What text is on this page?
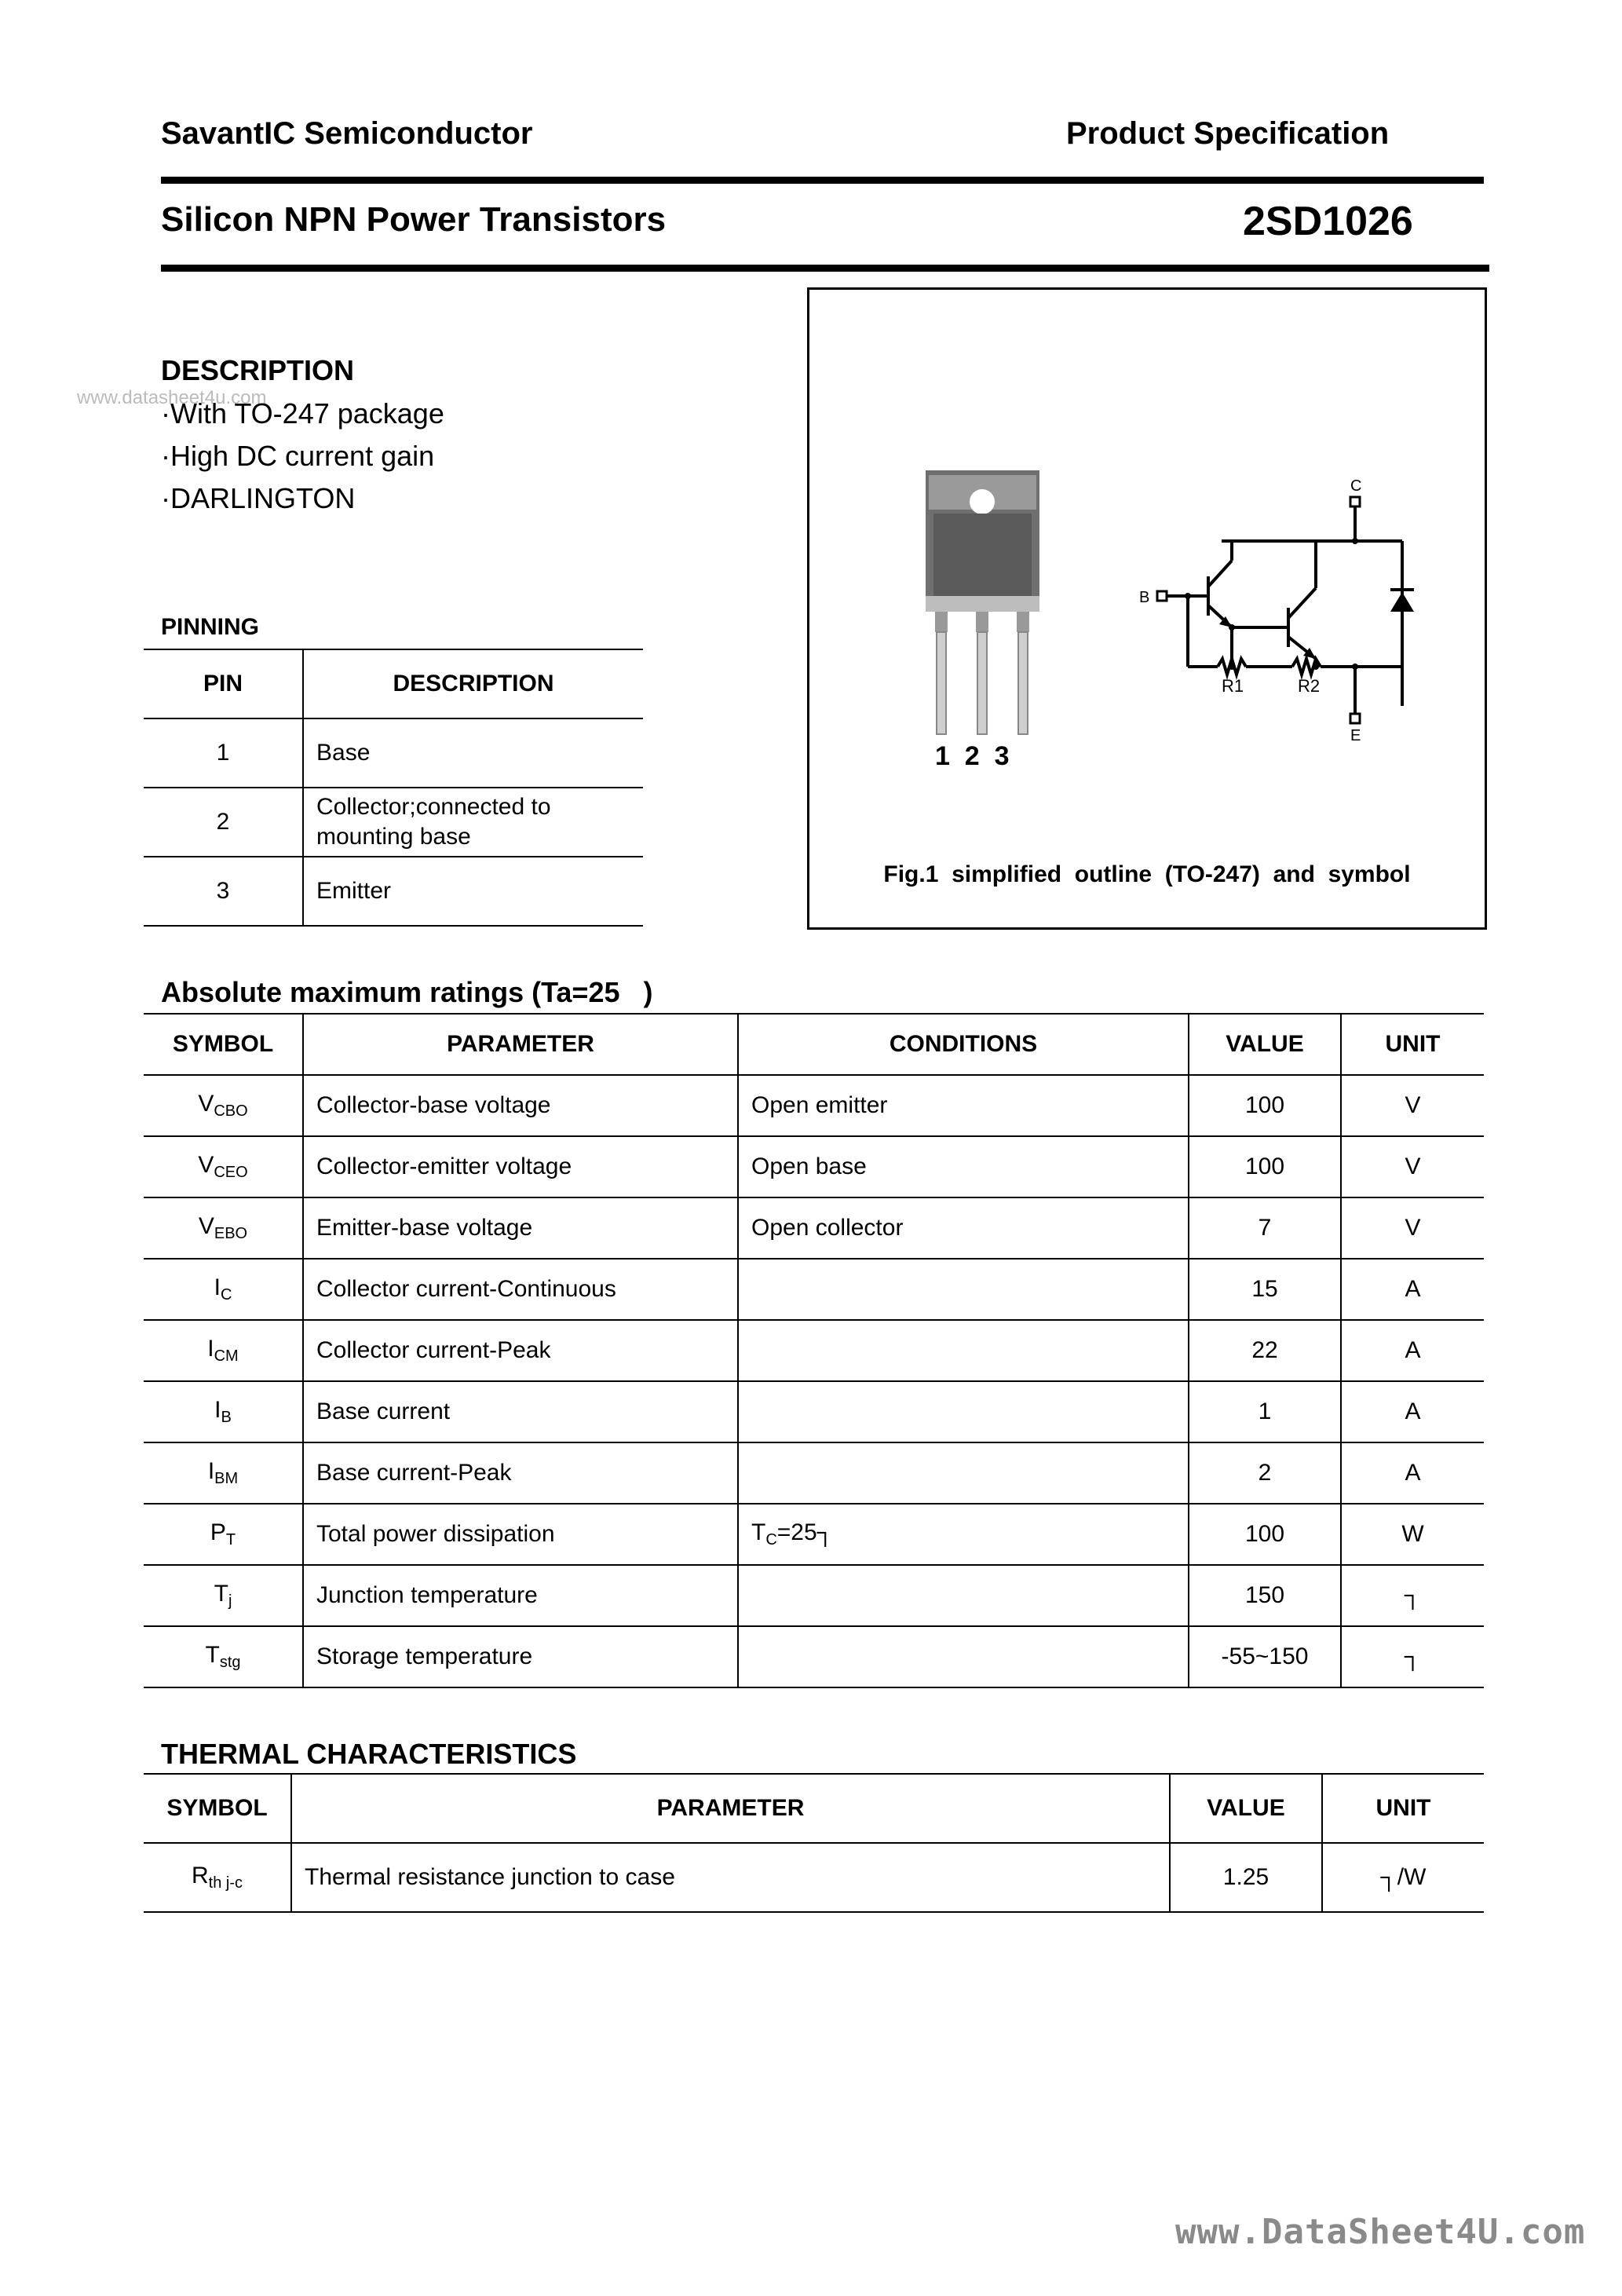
SavantIC Semiconductor	Product Specification
Silicon NPN Power Transistors	2SD1026
www.datasheet4u.com
DESCRIPTION
·With TO-247 package
·High DC current gain
·DARLINGTON
PINNING
PIN	DESCRIPTION
1	Base
2	Collector;connected to mounting base
3	Emitter
1  2  3
C
B
E
R1	R2
Fig.1  simplified  outline  (TO-247)  and  symbol
Absolute maximum ratings (Ta=25   )
SYMBOL	PARAMETER	CONDITIONS	VALUE	UNIT
$V_{CBO}$	Collector-base voltage	Open emitter	100	V
$V_{CEO}$	Collector-emitter voltage	Open base	100	V
$V_{EBO}$	Emitter-base voltage	Open collector	7	V
$I_C$	Collector current-Continuous		15	A
$I_{CM}$	Collector current-Peak		22	A
$I_B$	Base current		1	A
$I_{BM}$	Base current-Peak		2	A
$P_T$	Total power dissipation	$T_C=25┐$	100	W
$T_j$	Junction temperature		150	┐
$T_{stg}$	Storage temperature		-55~150	┐
THERMAL CHARACTERISTICS
SYMBOL	PARAMETER	VALUE	UNIT
$R_{th j-c}$	Thermal resistance junction to case	1.25	┐/W
www.DataSheet4U.com
